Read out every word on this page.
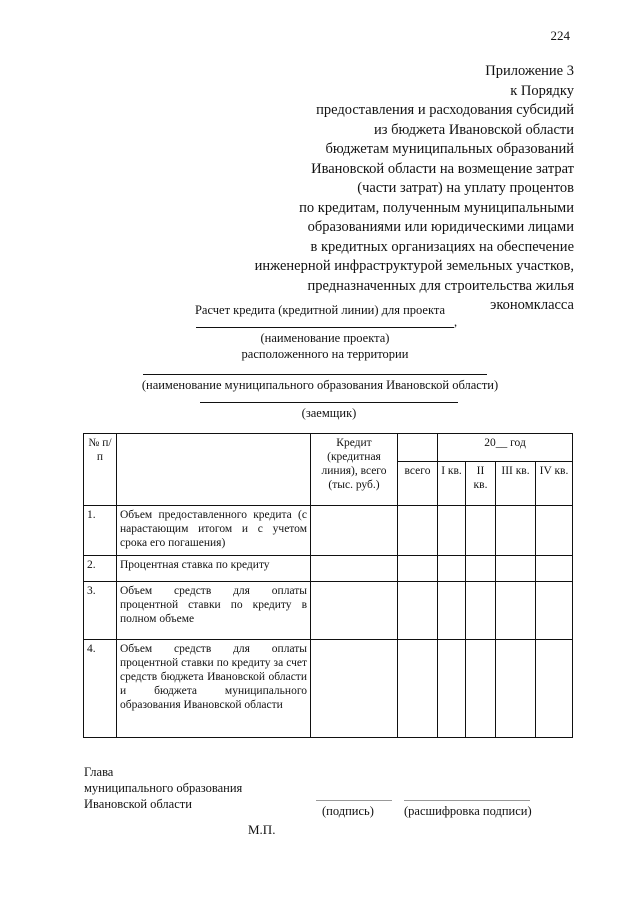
224
Приложение 3
к Порядку
предоставления и расходования субсидий
из бюджета Ивановской области
бюджетам муниципальных образований
Ивановской области на возмещение затрат
(части затрат) на уплату процентов
по кредитам, полученным муниципальными
образованиями или юридическими лицами
в кредитных организациях на обеспечение
инженерной инфраструктурой земельных участков,
предназначенных для строительства жилья
экономкласса
Расчет кредита (кредитной линии) для проекта
,
(наименование проекта)
расположенного на территории
(наименование муниципального образования Ивановской области)
(заемщик)
№ п/п		Кредит (кредитная линия), всего (тыс. руб.)		20__ год			
			всего	I кв.	II кв.	III кв.	IV кв.
1.	Объем предоставленного кредита (с нарастающим итогом и с учетом срока его погашения)						
2.	Процентная ставка по кредиту						
3.	Объем средств для оплаты процентной ставки по кредиту в полном объеме						
4.	Объем средств для оплаты процентной ставки по кредиту за счет средств бюджета Ивановской области и бюджета муниципального образования Ивановской области						
Глава
муниципального образования
Ивановской области	(подпись) (расшифровка подписи)
М.П.
